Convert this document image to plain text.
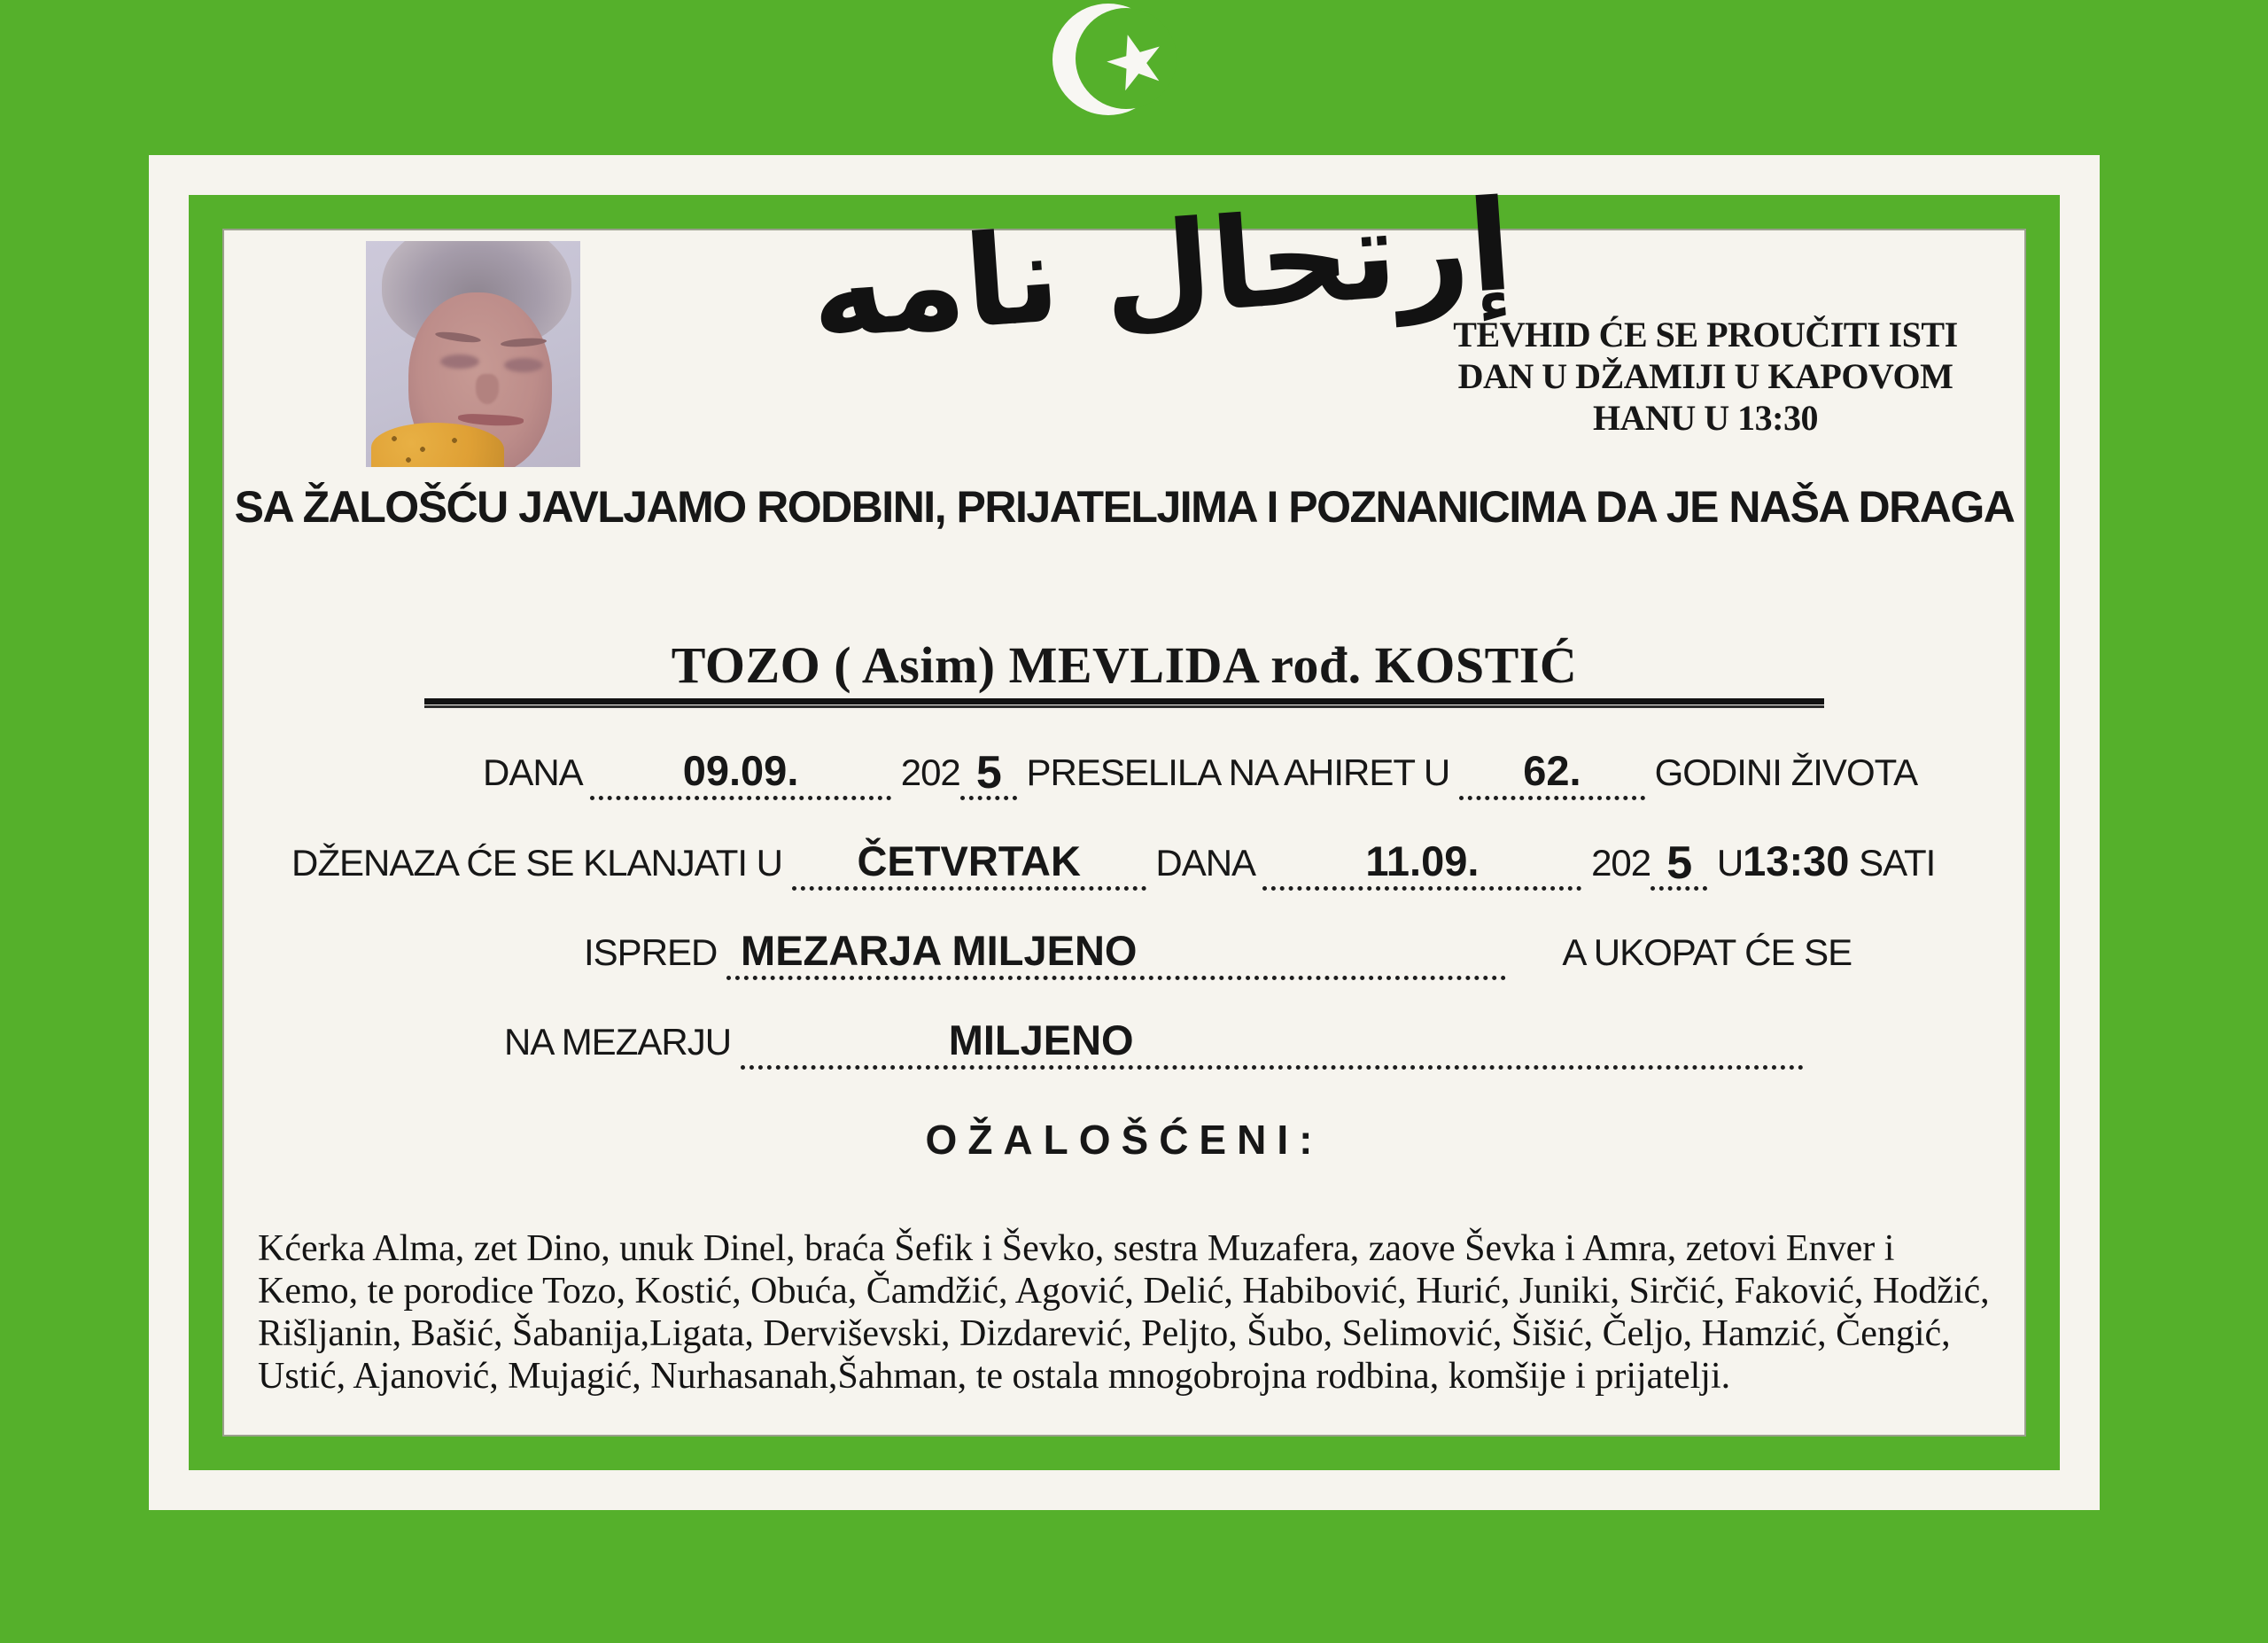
إرتحال نامه
TEVHID ĆE SE PROUČITI ISTI
DAN U DŽAMIJI U KAPOVOM
HANU U 13:30
SA ŽALOŠĆU JAVLJAMO RODBINI, PRIJATELJIMA I POZNANICIMA DA JE NAŠA DRAGA
TOZO ( Asim) MEVLIDA rođ. KOSTIĆ
DANA 09.09.	202 5 PRESELILA NA AHIRET U 62. GODINI ŽIVOTA
DŽENAZA ĆE SE KLANJATI U ČETVRTAK DANA	11.09.	202 5 U13:30 SATI
ISPRED MEZARJA MILJENO	A UKOPAT ĆE SE
NA MEZARJU	MILJENO
OŽALOŠĆENI:

Kćerka Alma, zet Dino, unuk Dinel, braća Šefik i Ševko, sestra Muzafera, zaove Ševka i Amra, zetovi Enver i Kemo, te porodice Tozo, Kostić, Obuća, Čamdžić, Agović, Delić, Habibović, Hurić, Juniki, Sirčić, Faković, Hodžić, Rišljanin, Bašić, Šabanija,Ligata, Derviševski, Dizdarević, Peljto, Šubo, Selimović, Šišić, Čeljo, Hamzić, Čengić, Ustić, Ajanović, Mujagić, Nurhasanah,Šahman, te ostala mnogobrojna rodbina, komšije i prijatelji.
